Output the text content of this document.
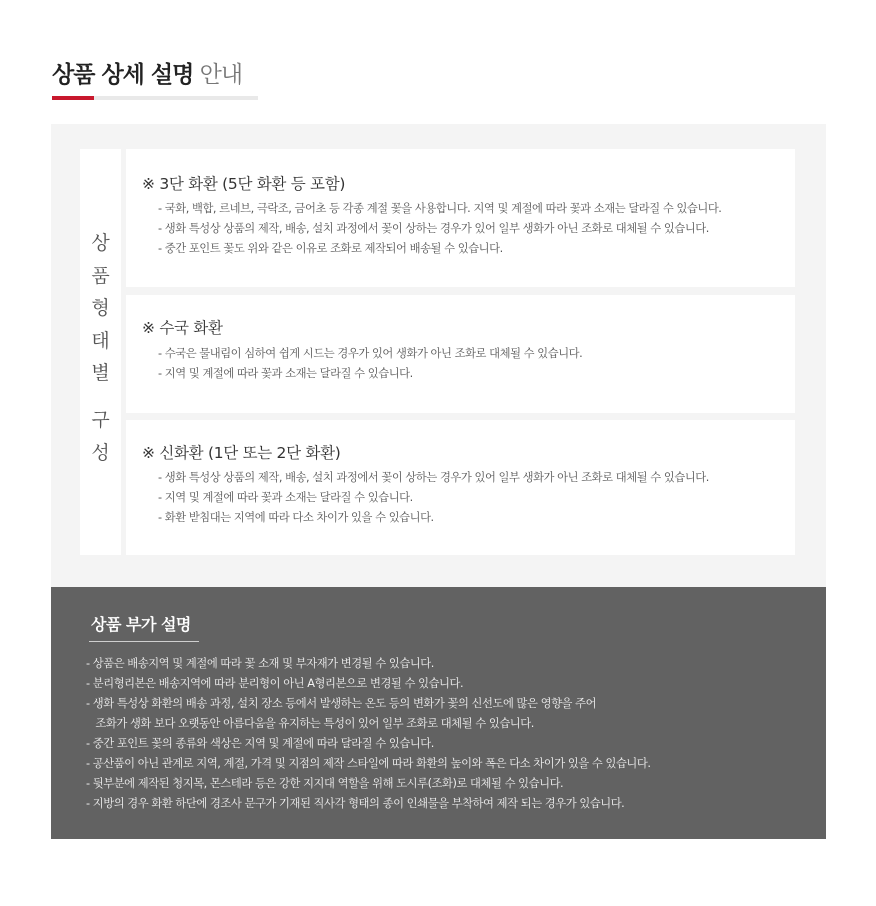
상품 상세 설명 안내
상
품
형
태
별
구
성
※ 3단 화환 (5단 화환 등 포함)
- 국화, 백합, 르네브, 극락조, 금어초 등 각종 계절 꽃을 사용합니다. 지역 및 계절에 따라 꽃과 소재는 달라질 수 있습니다.
- 생화 특성상 상품의 제작, 배송, 설치 과정에서 꽃이 상하는 경우가 있어 일부 생화가 아닌 조화로 대체될 수 있습니다.
- 중간 포인트 꽃도 위와 같은 이유로 조화로 제작되어 배송될 수 있습니다.
※ 수국 화환
- 수국은 물내림이 심하여 쉽게 시드는 경우가 있어 생화가 아닌 조화로 대체될 수 있습니다.
- 지역 및 계절에 따라 꽃과 소재는 달라질 수 있습니다.
※ 신화환 (1단 또는 2단 화환)
- 생화 특성상 상품의 제작, 배송, 설치 과정에서 꽃이 상하는 경우가 있어 일부 생화가 아닌 조화로 대체될 수 있습니다.
- 지역 및 계절에 따라 꽃과 소재는 달라질 수 있습니다.
- 화환 받침대는 지역에 따라 다소 차이가 있을 수 있습니다.
상품 부가 설명
- 상품은 배송지역 및 계절에 따라 꽃 소재 및 부자재가 변경될 수 있습니다.
- 분리형리본은 배송지역에 따라 분리형이 아닌 A형리본으로 변경될 수 있습니다.
- 생화 특성상 화환의 배송 과정, 설치 장소 등에서 발생하는 온도 등의 변화가 꽃의 신선도에 많은 영향을 주어
조화가 생화 보다 오랫동안 아름다움을 유지하는 특성이 있어 일부 조화로 대체될 수 있습니다.
- 중간 포인트 꽃의 종류와 색상은 지역 및 계절에 따라 달라질 수 있습니다.
- 공산품이 아닌 관계로 지역, 계절, 가격 및 지점의 제작 스타일에 따라 화환의 높이와 폭은 다소 차이가 있을 수 있습니다.
- 뒷부분에 제작된 청지목, 몬스테라 등은 강한 지지대 역할을 위해 도시루(조화)로 대체될 수 있습니다.
- 지방의 경우 화환 하단에 경조사 문구가 기재된 직사각 형태의 종이 인쇄물을 부착하여 제작 되는 경우가 있습니다.
